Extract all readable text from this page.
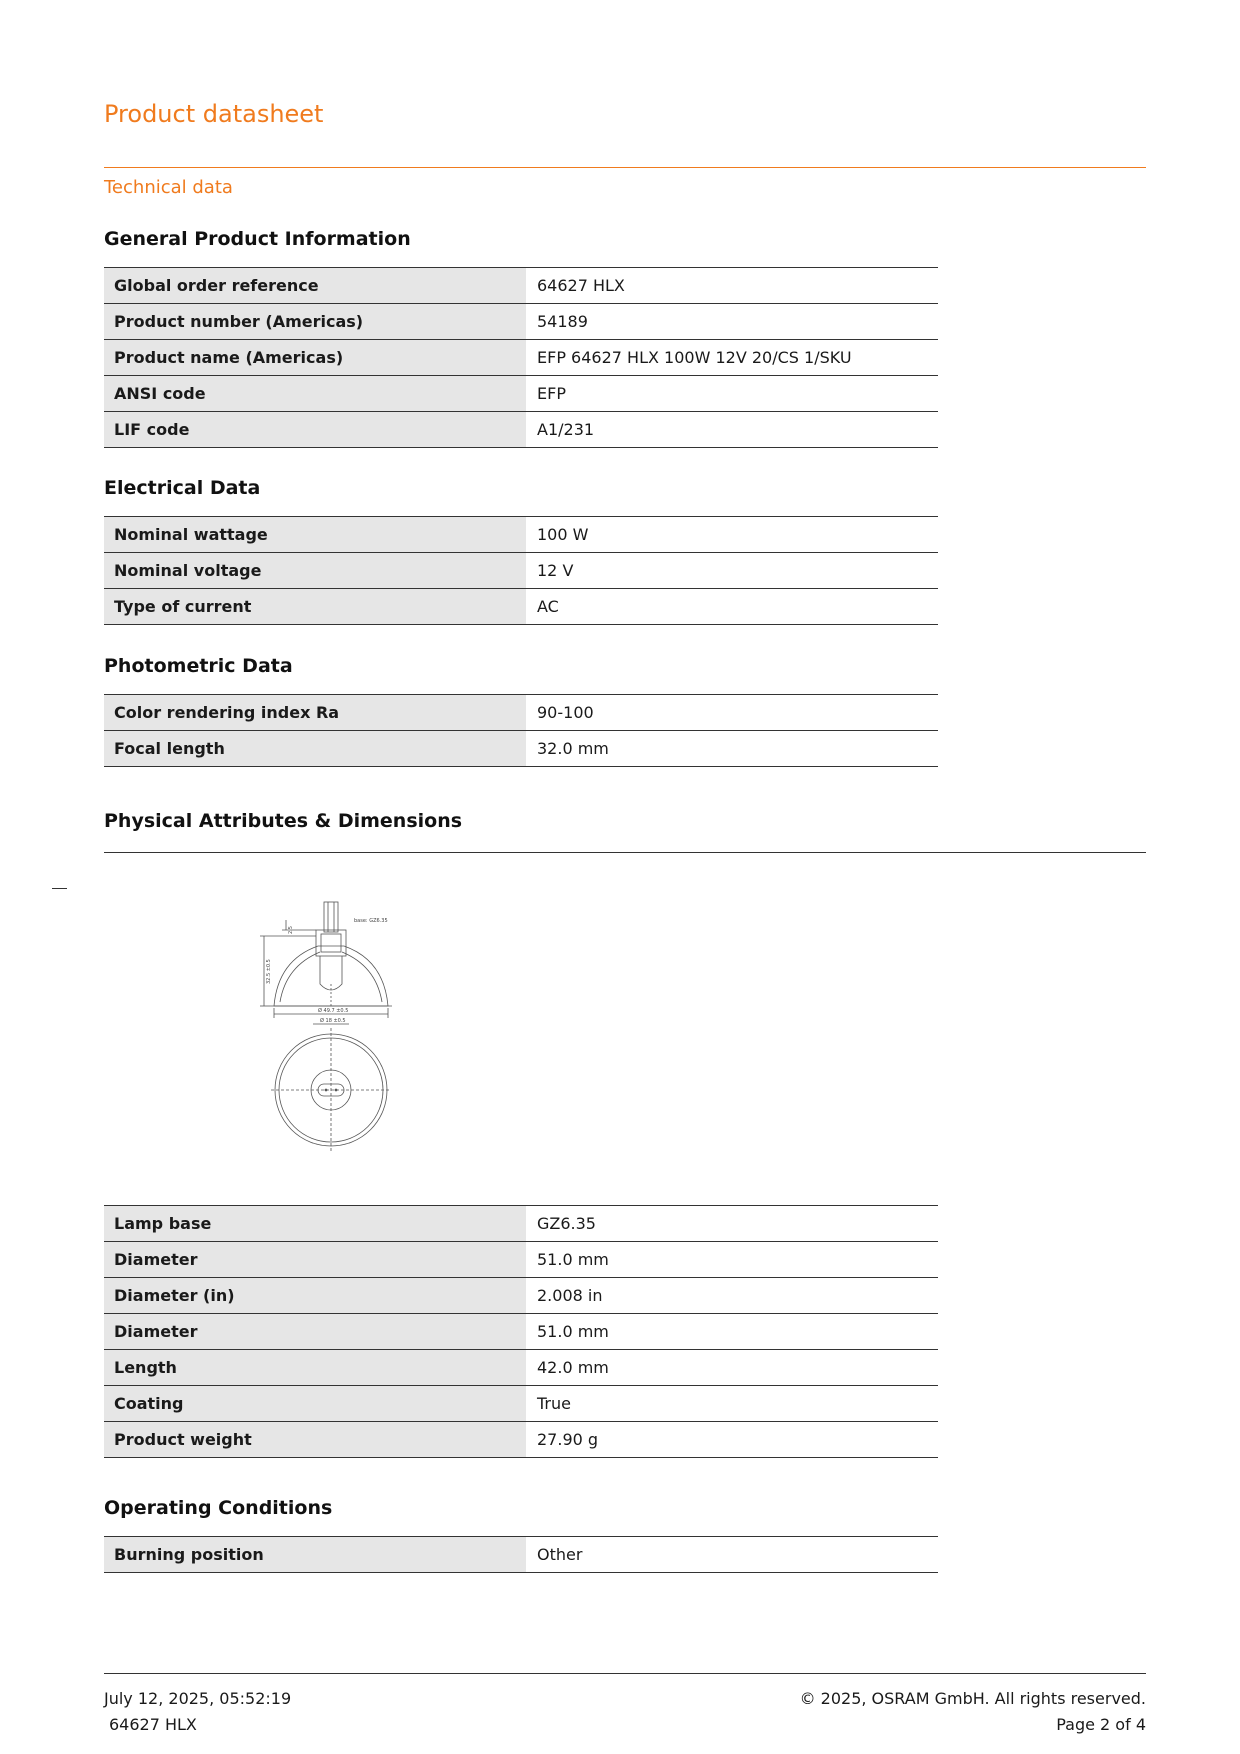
Product datasheet
Technical data
General Product Information
Global order reference	64627 HLX
Product number (Americas)	54189
Product name (Americas)	EFP 64627 HLX 100W 12V 20/CS 1/SKU
ANSI code	EFP
LIF code	A1/231
Electrical Data
Nominal wattage	100 W
Nominal voltage	12 V
Type of current	AC
Photometric Data
Color rendering index Ra	90-100
Focal length	32.0 mm
Physical Attributes & Dimensions
base: GZ6.35
32.5 ±0.5
2.5
Ø 49.7 ±0.5
Ø 18 ±0.5
Lamp base	GZ6.35
Diameter	51.0 mm
Diameter (in)	2.008 in
Diameter	51.0 mm
Length	42.0 mm
Coating	True
Product weight	27.90 g
Operating Conditions
Burning position	Other
July 12, 2025, 05:52:19
64627 HLX
© 2025, OSRAM GmbH. All rights reserved.
Page 2 of 4
